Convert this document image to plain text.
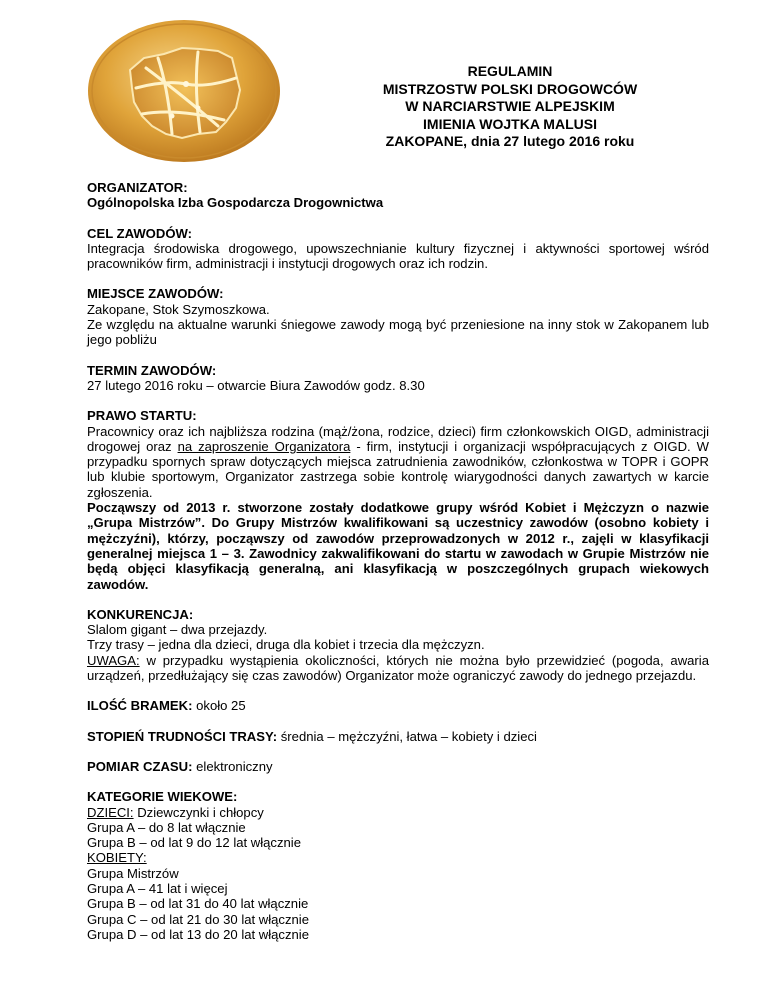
REGULAMIN
MISTRZOSTW POLSKI DROGOWCÓW
W NARCIARSTWIE ALPEJSKIM
IMIENIA WOJTKA MALUSI
ZAKOPANE, dnia 27 lutego 2016 roku
ORGANIZATOR:
Ogólnopolska Izba Gospodarcza Drogownictwa
CEL ZAWODÓW:
Integracja środowiska drogowego, upowszechnianie kultury fizycznej i aktywności sportowej wśród pracowników firm, administracji i instytucji drogowych oraz ich rodzin.
MIEJSCE ZAWODÓW:
Zakopane, Stok Szymoszkowa.
Ze względu na aktualne warunki śniegowe zawody mogą być przeniesione na inny stok w Zakopanem lub jego pobliżu
TERMIN ZAWODÓW:
27 lutego 2016 roku – otwarcie Biura Zawodów godz. 8.30
PRAWO STARTU:
Pracownicy oraz ich najbliższa rodzina (mąż/żona, rodzice, dzieci) firm członkowskich OIGD, administracji drogowej oraz na zaproszenie Organizatora - firm, instytucji i organizacji współpracujących z OIGD. W przypadku spornych spraw dotyczących miejsca zatrudnienia zawodników, członkostwa w TOPR i GOPR lub klubie sportowym, Organizator zastrzega sobie kontrolę wiarygodności danych zawartych w karcie zgłoszenia.
Począwszy od 2013 r. stworzone zostały dodatkowe grupy wśród Kobiet i Mężczyzn o nazwie „Grupa Mistrzów”. Do Grupy Mistrzów kwalifikowani są uczestnicy zawodów (osobno kobiety i mężczyźni), którzy, począwszy od zawodów przeprowadzonych w 2012 r., zajęli w klasyfikacji generalnej miejsca 1 – 3. Zawodnicy zakwalifikowani do startu w zawodach w Grupie Mistrzów nie będą objęci klasyfikacją generalną, ani klasyfikacją w poszczególnych grupach wiekowych zawodów.
KONKURENCJA:
Slalom gigant – dwa przejazdy.
Trzy trasy – jedna dla dzieci, druga dla kobiet i trzecia dla mężczyzn.
UWAGA: w przypadku wystąpienia okoliczności, których nie można było przewidzieć (pogoda, awaria urządzeń, przedłużający się czas zawodów) Organizator może ograniczyć zawody do jednego przejazdu.
ILOŚĆ BRAMEK: około 25
STOPIEŃ TRUDNOŚCI TRASY: średnia – mężczyźni, łatwa – kobiety i dzieci
POMIAR CZASU: elektroniczny
KATEGORIE WIEKOWE:
DZIECI: Dziewczynki i chłopcy
Grupa A – do 8 lat włącznie
Grupa B – od lat 9 do 12 lat włącznie
KOBIETY:
Grupa Mistrzów
Grupa A – 41 lat i więcej
Grupa B – od lat 31 do 40 lat włącznie
Grupa C – od lat 21 do 30 lat włącznie
Grupa D – od lat 13 do 20 lat włącznie
